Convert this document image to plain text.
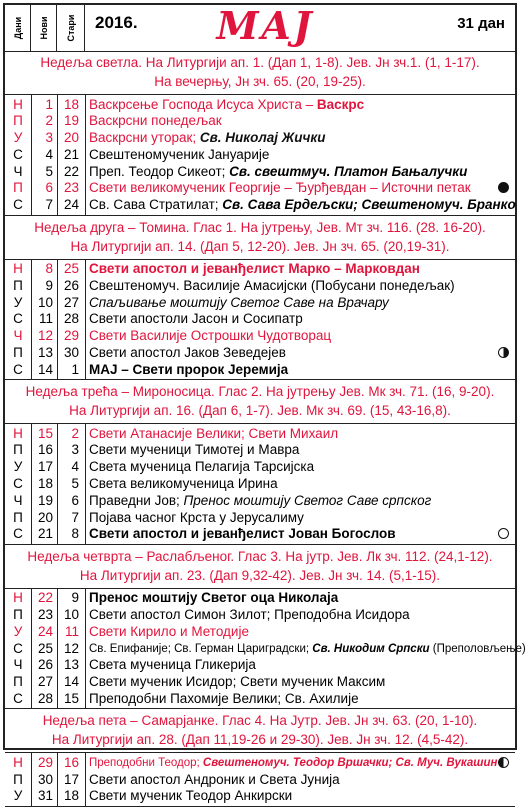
Дани Нови Стари 2016.	МАЈ	31 дан
Недеља светла. На Литургији ап. 1. (Дап 1, 1-8). Јев. Јн зч.1. (1, 1-17).
На вечерњу, Јн зч. 65. (20, 19-25).
Н	1 18 Васкрсење Господа Исуса Христа – Васкрс
П	2 19 Васкрсни понедељак
У	3 20 Васкрсни уторак; Св. Николај Жички
С	4 21 Свештеномученик Јануарије
Ч	5 22 Преп. Теодор Сикеот; Св. свештмуч. Платон Бањалучки
П	6 23 Свети великомученик Георгије – Ђурђевдан – Источни петак
С	7 24 Св. Сава Стратилат; Св. Сава Ердељски; Свештеномуч. Бранко
Недеља друга – Томина. Глас 1. На јутрењу, Јев. Мт зч. 116. (28. 16-20).
На Литургији ап. 14. (Дап 5, 12-20). Јев. Јн зч. 65. (20,19-31).
Н	8 25 Свети апостол и јеванђелист Марко – Марковдан
П	9 26 Свештеномуч. Василије Амасијски (Побусани понедељак)
У	10 27 Спаљивање моштију Светог Саве на Врачару
С	11 28 Свети апостоли Јасон и Сосипатр
Ч	12 29 Свети Василије Острошки Чудотворац
П	13 30 Свети апостол Јаков Зеведејев
С	14	1 МАЈ – Свети пророк Јеремија
Недеља трећа – Мироносица. Глас 2. На јутрењу Јев. Мк зч. 71. (16, 9-20).
На Литургији ап. 16. (Дап 6, 1-7). Јев. Мк зч. 69. (15, 43-16,8).
Н	15	2 Свети Атанасије Велики; Свети Михаил
П	16	3 Свети мученици Тимотеј и Мавра
У	17	4 Света мученица Пелагија Тарсијска
С	18	5 Света великомученица Ирина
Ч	19	6 Праведни Јов; Пренос моштију Светог Саве српског
П	20	7 Појава часног Крста у Јерусалиму
С	21	8 Свети апостол и јеванђелист Јован Богослов
Недеља четврта – Раслабљеног. Глас 3. На јутр. Јев. Лк зч. 112. (24,1-12).
На Литургији ап. 23. (Дап 9,32-42). Јев. Јн зч. 14. (5,1-15).
Н	22	9 Пренос моштију Светог оца Николаја
П	23 10 Свети апостол Симон Зилот; Преподобна Исидора
У	24 11 Свети Кирило и Методије
С	25 12 Св. Епифаније; Св. Герман Цариградски; Св. Никодим Српски (Преполовљење)
Ч	26 13 Света мученица Гликерија
П	27 14 Свети мученик Исидор; Свети мученик Максим
С	28 15 Преподобни Пахомије Велики; Св. Ахилије
Недеља пета – Самарјанке. Глас 4. На Јутр. Јев. Јн зч. 63. (20, 1-10).
На Литургији ап. 28. (Дап 11,19-26 и 29-30). Јев. Јн зч. 12. (4,5-42).
Н	29 16 Преподобни Теодор; Свештеномуч. Теодор Вршачки; Св. Муч. Вукашин
П	30 17 Свети апостол Андроник и Света Јунија
У	31 18 Свети мученик Теодор Анкирски
